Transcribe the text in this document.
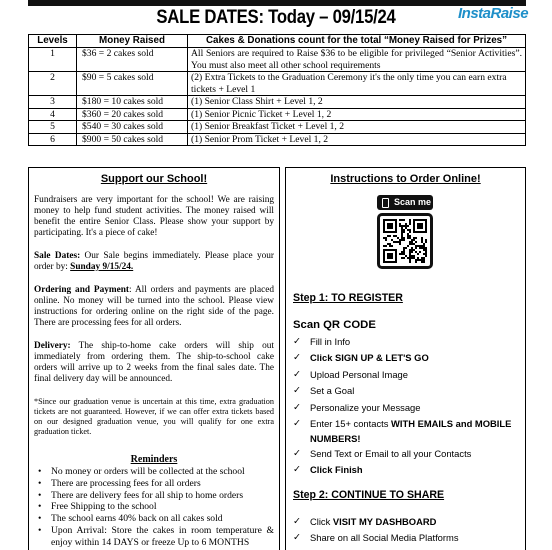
SALE DATES: Today – 09/15/24	InstaRaise
Levels	Money Raised	Cakes & Donations count for the total “Money Raised for Prizes”
1	$36 = 2 cakes sold	All Seniors are required to Raise $36 to be eligible for privileged “Senior Activities”. You must also meet all other school requirements
2	$90 = 5 cakes sold	(2) Extra Tickets to the Graduation Ceremony it's the only time you can earn extra tickets + Level 1
3	$180 = 10 cakes sold	(1) Senior Class Shirt + Level 1, 2
4	$360 = 20 cakes sold	(1) Senior Picnic Ticket + Level 1, 2
5	$540 = 30 cakes sold	(1) Senior Breakfast Ticket + Level 1, 2
6	$900 = 50 cakes sold	(1) Senior Prom Ticket + Level 1, 2
Support our School!

Fundraisers are very important for the school! We are raising money to help fund student activities. The money raised will benefit the entire Senior Class. Please show your support by participating. It's a piece of cake!

Sale Dates: Our Sale begins immediately. Please place your order by: Sunday 9/15/24.

Ordering and Payment: All orders and payments are placed online. No money will be turned into the school. Please view instructions for ordering online on the right side of the page. There are processing fees for all orders.

Delivery: The ship-to-home cake orders will ship out immediately from ordering them. The ship-to-school cake orders will arrive up to 2 weeks from the final sales date. The final delivery day will be announced.

*Since our graduation venue is uncertain at this time, extra graduation tickets are not guaranteed. However, if we can offer extra tickets based on our designed graduation venue, you will qualify for one extra graduation ticket.

Reminders
• No money or orders will be collected at the school
• There are processing fees for all orders
• There are delivery fees for all ship to home orders
• Free Shipping to the school
• The school earns 40% back on all cakes sold
• Upon Arrival: Store the cakes in room temperature & enjoy within 14 DAYS or freeze Up to 6 MONTHS
Instructions to Order Online!
Scan me
Step 1: TO REGISTER
Scan QR CODE
✓ Fill in Info
✓ Click SIGN UP & LET'S GO
✓ Upload Personal Image
✓ Set a Goal
✓ Personalize your Message
✓ Enter 15+ contacts WITH EMAILS and MOBILE NUMBERS!
✓ Send Text or Email to all your Contacts
✓ Click Finish
Step 2: CONTINUE TO SHARE
✓ Click VISIT MY DASHBOARD
✓ Share on all Social Media Platforms
